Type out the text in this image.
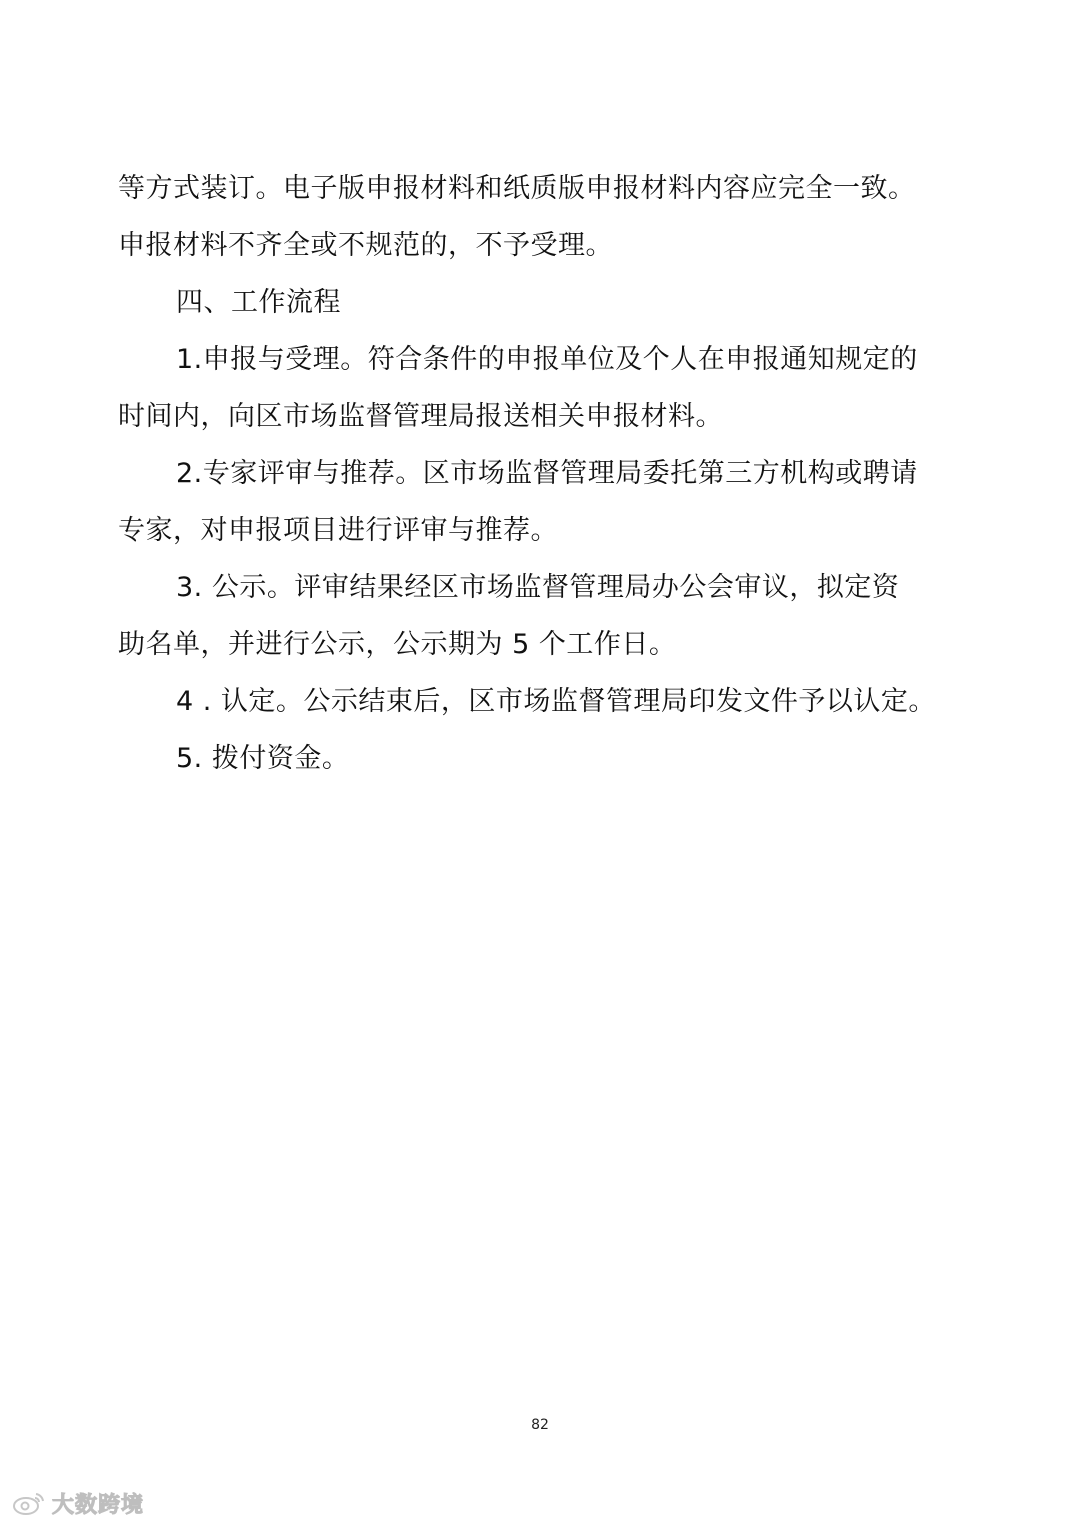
等方式装订。电子版申报材料和纸质版申报材料内容应完全一致。
申报材料不齐全或不规范的，不予受理。
四、工作流程
1.申报与受理。符合条件的申报单位及个人在申报通知规定的
时间内，向区市场监督管理局报送相关申报材料。
2.专家评审与推荐。区市场监督管理局委托第三方机构或聘请
专家，对申报项目进行评审与推荐。
3. 公示。评审结果经区市场监督管理局办公会审议，拟定资
助名单，并进行公示，公示期为 5 个工作日。
4 . 认定。公示结束后，区市场监督管理局印发文件予以认定。
5. 拨付资金。
82
大数跨境
